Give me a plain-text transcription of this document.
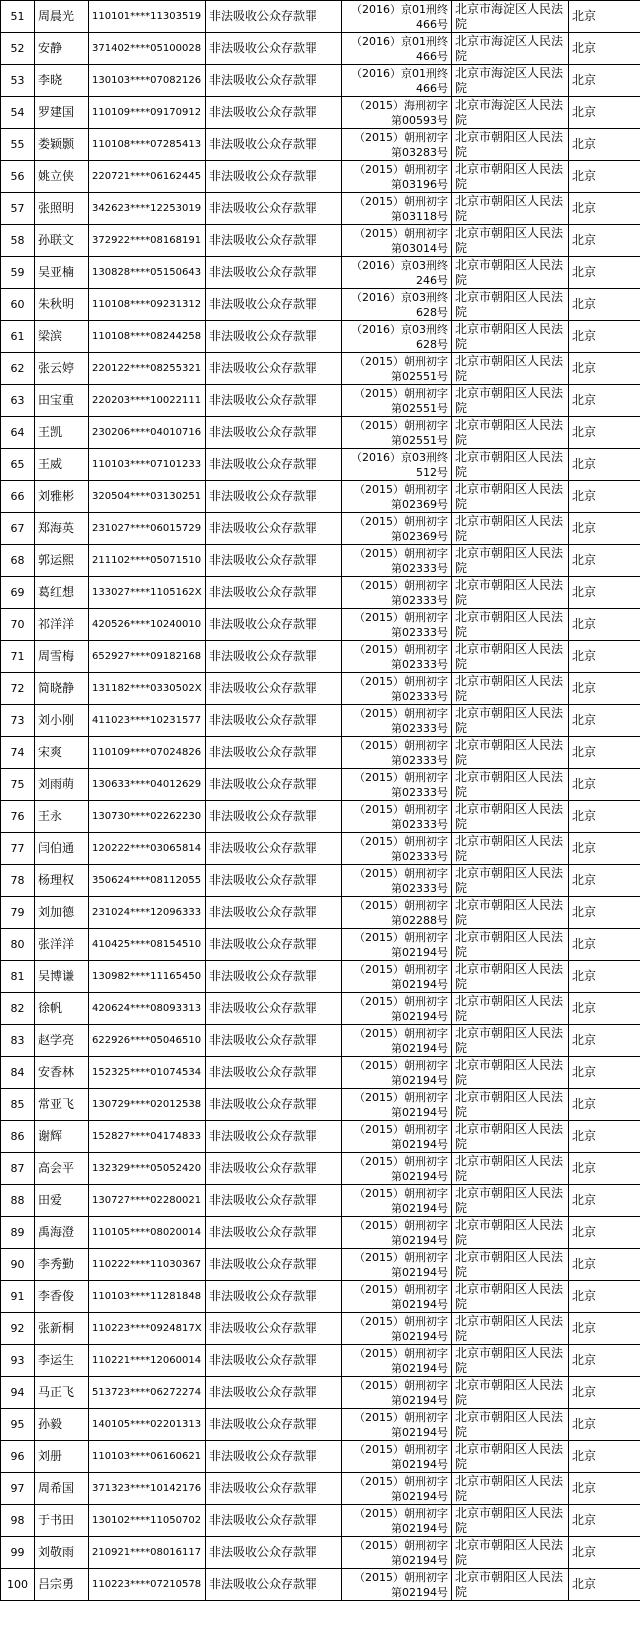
51	周晨光	110101****11303519	非法吸收公众存款罪	（2016）京01刑终466号	北京市海淀区人民法院	北京
52	安静	371402****05100028	非法吸收公众存款罪	（2016）京01刑终466号	北京市海淀区人民法院	北京
53	李晓	130103****07082126	非法吸收公众存款罪	（2016）京01刑终466号	北京市海淀区人民法院	北京
54	罗建国	110109****09170912	非法吸收公众存款罪	（2015）海刑初字第00593号	北京市海淀区人民法院	北京
55	娄颖颢	110108****07285413	非法吸收公众存款罪	（2015）朝刑初字第03283号	北京市朝阳区人民法院	北京
56	姚立侠	220721****06162445	非法吸收公众存款罪	（2015）朝刑初字第03196号	北京市朝阳区人民法院	北京
57	张照明	342623****12253019	非法吸收公众存款罪	（2015）朝刑初字第03118号	北京市朝阳区人民法院	北京
58	孙联文	372922****08168191	非法吸收公众存款罪	（2015）朝刑初字第03014号	北京市朝阳区人民法院	北京
59	吴亚楠	130828****05150643	非法吸收公众存款罪	（2016）京03刑终246号	北京市朝阳区人民法院	北京
60	朱秋明	110108****09231312	非法吸收公众存款罪	（2016）京03刑终628号	北京市朝阳区人民法院	北京
61	梁滨	110108****08244258	非法吸收公众存款罪	（2016）京03刑终628号	北京市朝阳区人民法院	北京
62	张云婷	220122****08255321	非法吸收公众存款罪	（2015）朝刑初字第02551号	北京市朝阳区人民法院	北京
63	田宝重	220203****10022111	非法吸收公众存款罪	（2015）朝刑初字第02551号	北京市朝阳区人民法院	北京
64	王凯	230206****04010716	非法吸收公众存款罪	（2015）朝刑初字第02551号	北京市朝阳区人民法院	北京
65	王威	110103****07101233	非法吸收公众存款罪	（2016）京03刑终512号	北京市朝阳区人民法院	北京
66	刘雅彬	320504****03130251	非法吸收公众存款罪	（2015）朝刑初字第02369号	北京市朝阳区人民法院	北京
67	郑海英	231027****06015729	非法吸收公众存款罪	（2015）朝刑初字第02369号	北京市朝阳区人民法院	北京
68	郭运熙	211102****05071510	非法吸收公众存款罪	（2015）朝刑初字第02333号	北京市朝阳区人民法院	北京
69	葛红想	133027****1105162X	非法吸收公众存款罪	（2015）朝刑初字第02333号	北京市朝阳区人民法院	北京
70	祁洋洋	420526****10240010	非法吸收公众存款罪	（2015）朝刑初字第02333号	北京市朝阳区人民法院	北京
71	周雪梅	652927****09182168	非法吸收公众存款罪	（2015）朝刑初字第02333号	北京市朝阳区人民法院	北京
72	简晓静	131182****0330502X	非法吸收公众存款罪	（2015）朝刑初字第02333号	北京市朝阳区人民法院	北京
73	刘小刚	411023****10231577	非法吸收公众存款罪	（2015）朝刑初字第02333号	北京市朝阳区人民法院	北京
74	宋爽	110109****07024826	非法吸收公众存款罪	（2015）朝刑初字第02333号	北京市朝阳区人民法院	北京
75	刘雨萌	130633****04012629	非法吸收公众存款罪	（2015）朝刑初字第02333号	北京市朝阳区人民法院	北京
76	王永	130730****02262230	非法吸收公众存款罪	（2015）朝刑初字第02333号	北京市朝阳区人民法院	北京
77	闫伯通	120222****03065814	非法吸收公众存款罪	（2015）朝刑初字第02333号	北京市朝阳区人民法院	北京
78	杨理权	350624****08112055	非法吸收公众存款罪	（2015）朝刑初字第02333号	北京市朝阳区人民法院	北京
79	刘加德	231024****12096333	非法吸收公众存款罪	（2015）朝刑初字第02288号	北京市朝阳区人民法院	北京
80	张洋洋	410425****08154510	非法吸收公众存款罪	（2015）朝刑初字第02194号	北京市朝阳区人民法院	北京
81	吴博谦	130982****11165450	非法吸收公众存款罪	（2015）朝刑初字第02194号	北京市朝阳区人民法院	北京
82	徐帆	420624****08093313	非法吸收公众存款罪	（2015）朝刑初字第02194号	北京市朝阳区人民法院	北京
83	赵学亮	622926****05046510	非法吸收公众存款罪	（2015）朝刑初字第02194号	北京市朝阳区人民法院	北京
84	安香林	152325****01074534	非法吸收公众存款罪	（2015）朝刑初字第02194号	北京市朝阳区人民法院	北京
85	常亚飞	130729****02012538	非法吸收公众存款罪	（2015）朝刑初字第02194号	北京市朝阳区人民法院	北京
86	谢辉	152827****04174833	非法吸收公众存款罪	（2015）朝刑初字第02194号	北京市朝阳区人民法院	北京
87	高会平	132329****05052420	非法吸收公众存款罪	（2015）朝刑初字第02194号	北京市朝阳区人民法院	北京
88	田爱	130727****02280021	非法吸收公众存款罪	（2015）朝刑初字第02194号	北京市朝阳区人民法院	北京
89	禹海澄	110105****08020014	非法吸收公众存款罪	（2015）朝刑初字第02194号	北京市朝阳区人民法院	北京
90	李秀勤	110222****11030367	非法吸收公众存款罪	（2015）朝刑初字第02194号	北京市朝阳区人民法院	北京
91	李香俊	110103****11281848	非法吸收公众存款罪	（2015）朝刑初字第02194号	北京市朝阳区人民法院	北京
92	张新桐	110223****0924817X	非法吸收公众存款罪	（2015）朝刑初字第02194号	北京市朝阳区人民法院	北京
93	李运生	110221****12060014	非法吸收公众存款罪	（2015）朝刑初字第02194号	北京市朝阳区人民法院	北京
94	马正飞	513723****06272274	非法吸收公众存款罪	（2015）朝刑初字第02194号	北京市朝阳区人民法院	北京
95	孙毅	140105****02201313	非法吸收公众存款罪	（2015）朝刑初字第02194号	北京市朝阳区人民法院	北京
96	刘册	110103****06160621	非法吸收公众存款罪	（2015）朝刑初字第02194号	北京市朝阳区人民法院	北京
97	周希国	371323****10142176	非法吸收公众存款罪	（2015）朝刑初字第02194号	北京市朝阳区人民法院	北京
98	于书田	130102****11050702	非法吸收公众存款罪	（2015）朝刑初字第02194号	北京市朝阳区人民法院	北京
99	刘敬雨	210921****08016117	非法吸收公众存款罪	（2015）朝刑初字第02194号	北京市朝阳区人民法院	北京
100	吕宗勇	110223****07210578	非法吸收公众存款罪	（2015）朝刑初字第02194号	北京市朝阳区人民法院	北京
